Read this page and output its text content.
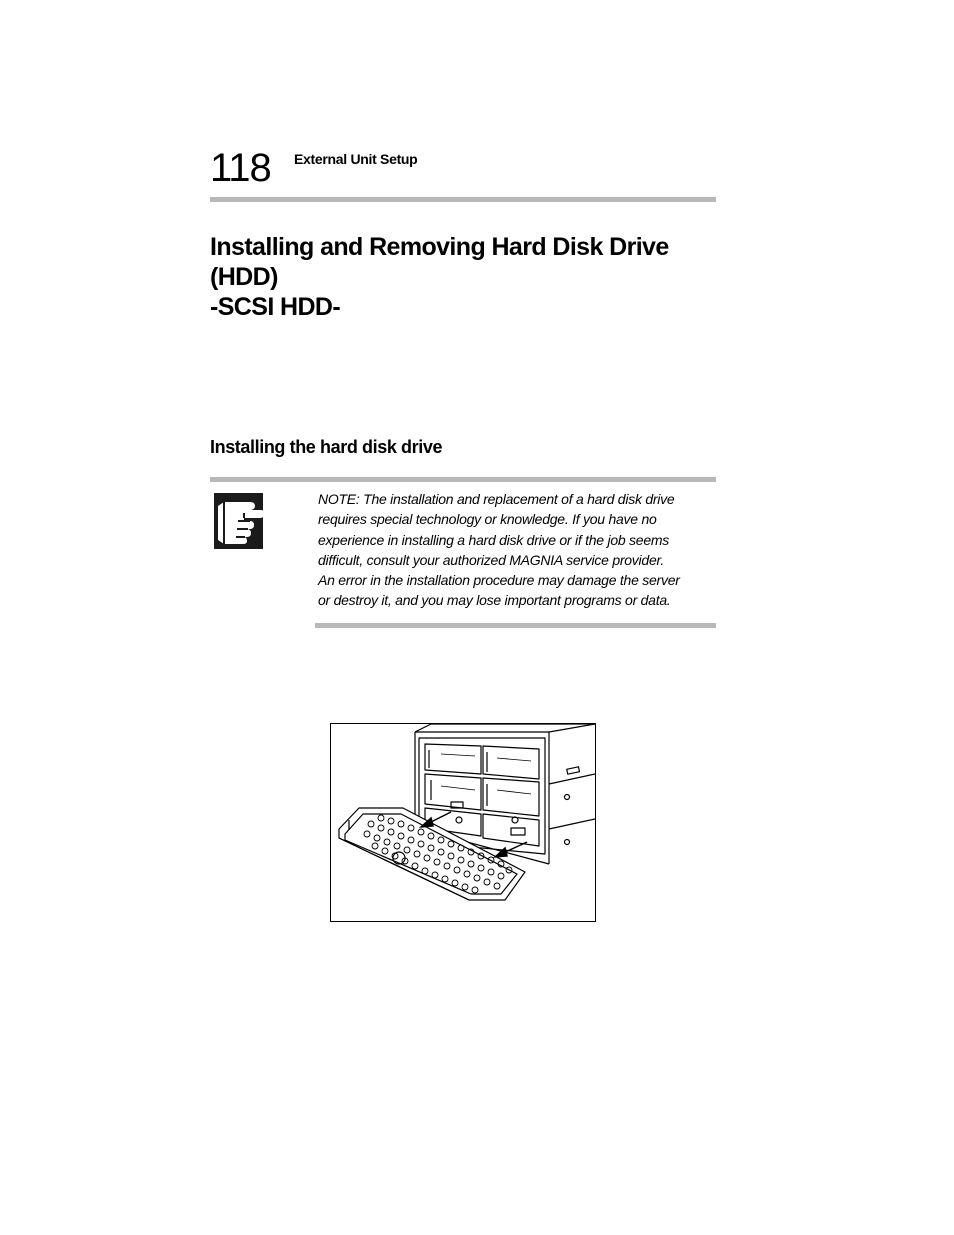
118 External Unit Setup
Installing and Removing Hard Disk Drive (HDD)
-SCSI HDD-
Installing the hard disk drive
NOTE: The installation and replacement of a hard disk drive
requires special technology or knowledge. If you have no
experience in installing a hard disk drive or if the job seems
difficult, consult your authorized MAGNIA service provider.
An error in the installation procedure may damage the server
or destroy it, and you may lose important programs or data.
